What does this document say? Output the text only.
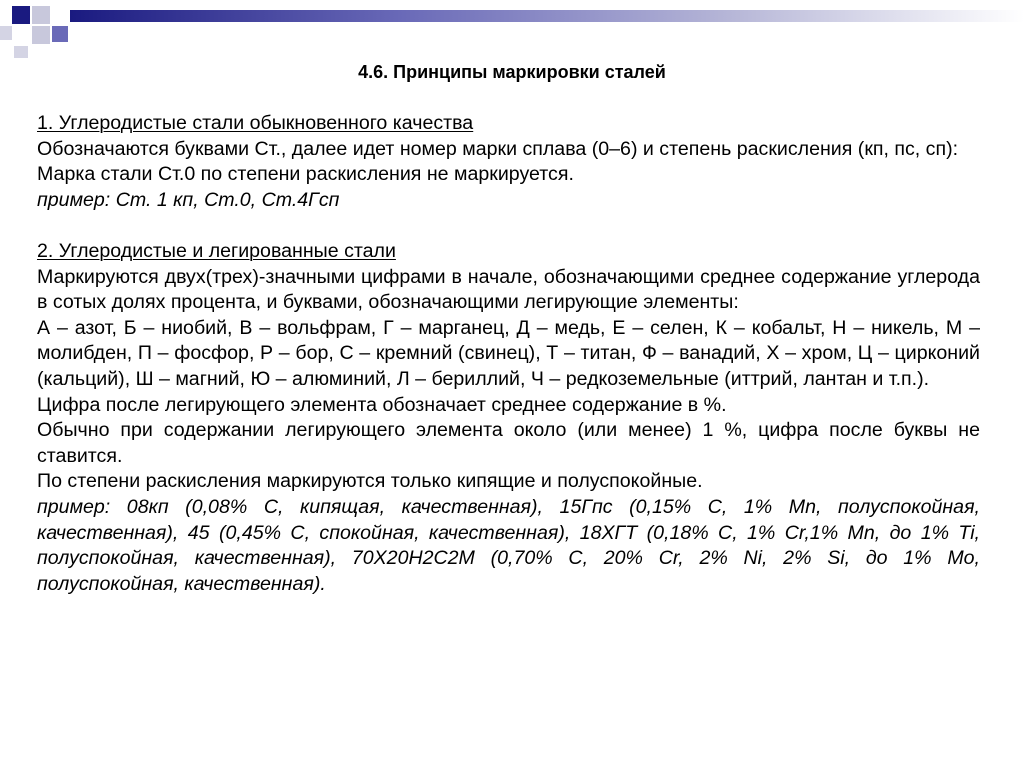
4.6. Принципы маркировки сталей

1. Углеродистые стали обыкновенного качества

Обозначаются буквами Ст., далее идет номер марки сплава (0–6) и степень раскисления (кп, пс, сп):

Марка стали Ст.0 по степени раскисления не маркируется.

пример: Ст. 1 кп, Ст.0, Ст.4Гсп

2. Углеродистые и легированные стали

Маркируются двух(трех)-значными цифрами в начале, обозначающими среднее содержание углерода в сотых долях процента, и буквами, обозначающими легирующие элементы:

А – азот, Б – ниобий, В – вольфрам, Г – марганец, Д – медь, Е – селен, К – кобальт, Н – никель, М – молибден, П – фосфор, Р – бор, С – кремний (свинец), Т – титан, Ф – ванадий, Х – хром, Ц – цирконий (кальций), Ш – магний, Ю – алюминий, Л – бериллий, Ч – редкоземельные (иттрий, лантан и т.п.).

Цифра после легирующего элемента обозначает среднее содержание в %.

Обычно при содержании легирующего элемента около (или менее) 1 %, цифра после буквы не ставится.

По степени раскисления маркируются только кипящие и полуспокойные.

пример: 08кп (0,08% С, кипящая, качественная), 15Гпс (0,15% С, 1% Mn, полуспокойная, качественная), 45 (0,45% С, спокойная, качественная), 18ХГТ (0,18% С, 1% Cr,1% Mn, до 1% Ti, полуспокойная, качественная), 70Х20Н2С2М (0,70% С, 20% Cr, 2% Ni, 2% Si, до 1% Mo, полуспокойная, качественная).
